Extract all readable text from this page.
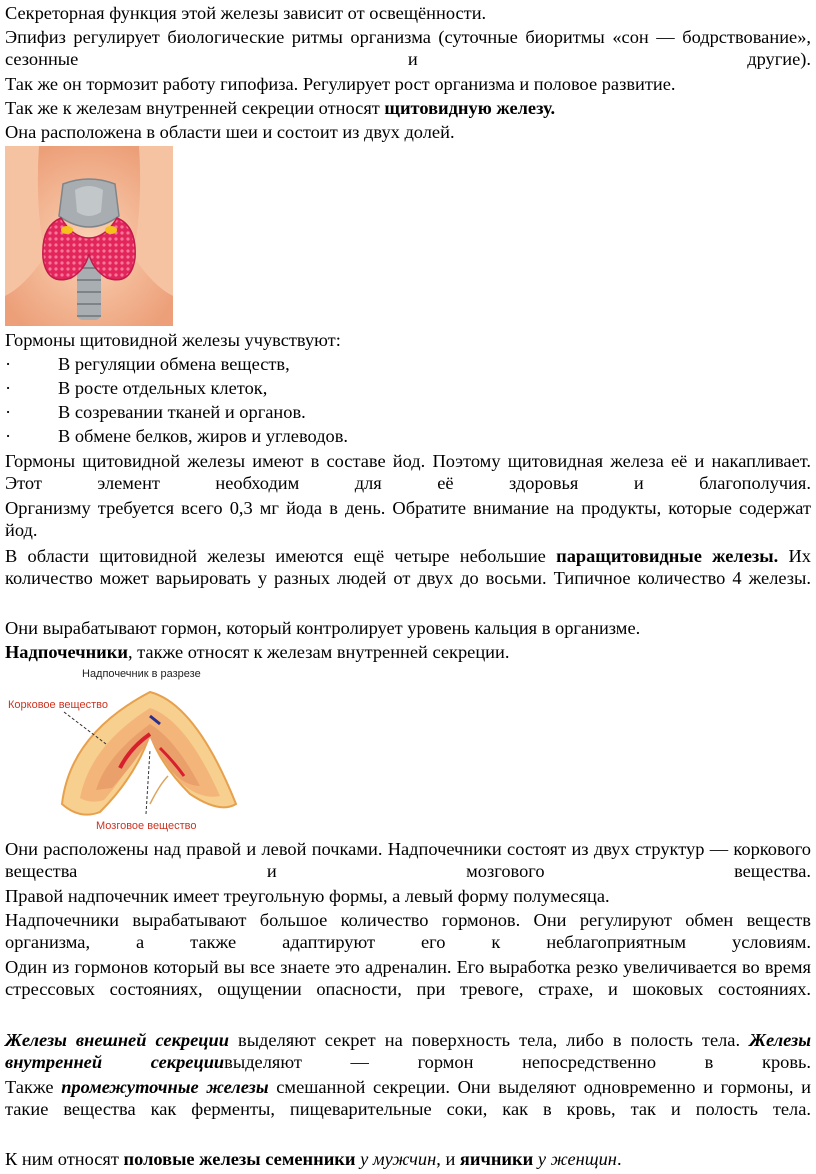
Секреторная функция этой железы зависит от освещённости.

Эпифиз регулирует биологические ритмы организма (суточные биоритмы «сон — бодрствование», сезонные и другие).

Так же он тормозит работу гипофиза. Регулирует рост организма и половое развитие.

Так же к железам внутренней секреции относят щитовидную железу.

Она расположена в области шеи и состоит из двух долей.

Гормоны щитовидной железы учувствуют:

·	В регуляции обмена веществ,
·	В росте отдельных клеток,
·	В созревании тканей и органов.
·	В обмене белков, жиров и углеводов.

Гормоны щитовидной железы имеют в составе йод. Поэтому щитовидная железа её и накапливает. Этот элемент необходим для её здоровья и благополучия.

Организму требуется всего 0,3 мг йода в день. Обратите внимание на продукты, которые содержат йод.

В области щитовидной железы имеются ещё четыре небольшие паращитовидные железы. Их количество может варьировать у разных людей от двух до восьми. Типичное количество 4 железы.

Они вырабатывают гормон, который контролирует уровень кальция в организме.

Надпочечники, также относят к железам внутренней секреции.

Надпочечник в разрезе
Корковое вещество
Мозговое вещество

Они расположены над правой и левой почками. Надпочечники состоят из двух структур — коркового вещества и мозгового вещества.

Правой надпочечник имеет треугольную формы, а левый форму полумесяца.

Надпочечники вырабатывают большое количество гормонов. Они регулируют обмен веществ организма, а также адаптируют его к неблагоприятным условиям.

Один из гормонов который вы все знаете это адреналин. Его выработка резко увеличивается во время стрессовых состояниях, ощущении опасности, при тревоге, страхе, и шоковых состояниях.

Железы внешней секреции выделяют секрет на поверхность тела, либо в полость тела. Железы внутренней секрециивыделяют — гормон непосредственно в кровь.

Также промежуточные железы смешанной секреции. Они выделяют одновременно и гормоны, и такие вещества как ферменты, пищеварительные соки, как в кровь, так и полость тела.

К ним относят половые железы семенники у мужчин, и яичники у женщин.
